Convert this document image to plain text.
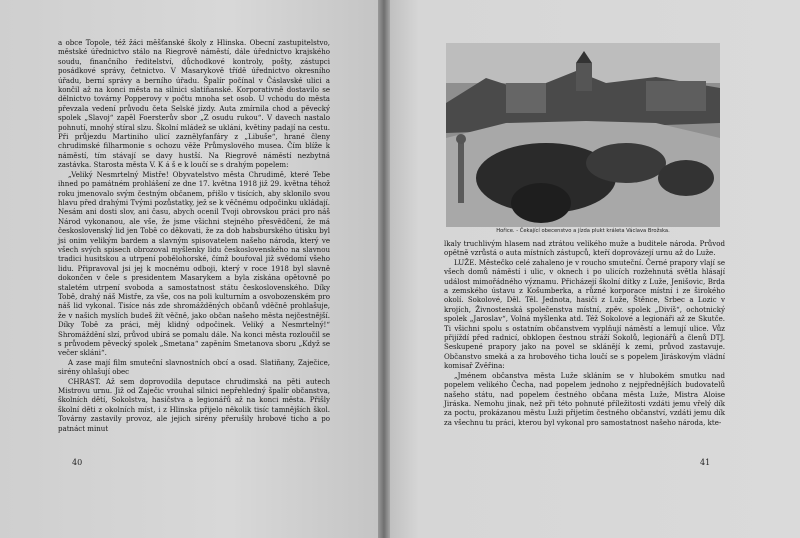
a obce Topole, též žáci měšťanské školy z Hlinska. Obecní zastupitelstvo, městské úřednictvo stálo na Riegrově náměstí, dále úřednictvo krajského soudu, finančního ředitelství, důchodkové kontroly, pošty, zástupci posádkové správy, četnictvo. V Masarykově třídě úřednictvo okresního úřadu, berní správy a berního úřadu. Špalír počínal v Čáslavské ulici a končil až na konci města na silnici slatiňanské. Korporativně dostavilo se dělnictvo továrny Popperovy v počtu mnoha set osob. U vchodu do města převzala vedení průvodu četa Selské jízdy. Auta zmírnila chod a pěvecký spolek „Slavoj“ zapěl Foersterův sbor „Z osudu rukou“. V davech nastalo pohnutí, mnohý stíral slzu. Školní mládež se ukláni, květiny padají na cestu. Při průjezdu Martiniho ulicí zaznělyfanfáry z „Libuše“, hrané členy chrudimské filharmonie s ochozu věže Průmyslového musea. Čím blíže k náměstí, tím stávají se davy hustší. Na Riegrově náměstí nezbytná zastávka. Starosta města V. K á š e k loučí se s drahým popelem:

„Veliký Nesmrtelný Mistře! Obyvatelstvo města Chrudimě, které Tebe ihned po památném prohlášení ze dne 17. května 1918 již 29. května téhož roku jmenovalo svým čestným občanem, přišlo v tisících, aby sklonilo svou hlavu před drahými Tvými pozůstatky, jež se k věčnému odpočinku ukládají. Nesám ani dosti slov, ani času, abych ocenil Tvoji obrovskou práci pro náš Národ vykonanou, ale vše, že jsme všichni stejného přesvědčení, že má československý lid jen Tobě co děkovati, že za dob habsburského útisku byl jsi onim velikým bardem a slavným spisovatelem našeho národa, který ve všech svých spisech obrozoval myšlenky lidu československého na slavnou tradici husitskou a utrpení pobělohorské, čímž bouřoval již svědomí všeho lidu. Připravoval jsi jej k mocnému odboji, který v roce 1918 byl slavně dokončen v čele s presidentem Masarykem a byla získána opětovně po staletém utrpení svoboda a samostatnost státu československého. Díky Tobě, drahý náš Mistře, za vše, cos na poli kulturním a osvobozenském pro náš lid vykonal. Tisíce nás zde shromážděných občanů vděčně prohlašuje, že v našich myslích budeš žít věčně, jako občan našeho města nejčestnější. Díky Tobě za práci, měj klidný odpočinek. Veliký a Nesmrtelný!“ Shromáždění slzí, průvod ubírá se pomalu dále. Na konci města rozloučil se s průvodem pěvecký spolek „Smetana“ zapěním Smetanova sboru „Když se večer skláni“.

A zase mají film smuteční slavnostních obcí a osad. Slatiňany, Zaječice, sirény ohlašují obec

CHRAST. Až sem doprovodila deputace chrudimská na pěti autech Mistrovu urnu. Již od Zaječic vrouhal silnici nepřehledný špalír občanstva, školních dětí, Sokolstva, hasičstva a legionářů až na konci města. Přišly školní děti z okolních míst, i z Hlinska přijelo několik tisíc tamnějších škol. Továrny zastavily provoz, ale jejich sirény přerušily hrobové ticho a po patnáct minut

40
Hořice. - Čekající obecenstvo a jízda plukt králeta Václava Brožska.

lkaly truchlivým hlasem nad ztrátou velikého muže a buditele národa. Průvod opětně vzrůstá o auta místních zástupců, kteří doprovázejí urnu až do Luže.

LUŽE. Městečko celé zahaleno je v roucho smuteční. Černé prapory vlají se všech domů náměstí i ulic, v oknech i po ulicích rozžehnutá světla hlásají událost mimořádného významu. Přicházejí školní dítky z Luže, Jenišovic, Brda a zemského ústavu z Košumberka, a různé korporace místní i ze širokého okolí. Sokolové, Děl. Těl. Jednota, hasiči z Luže, Štěnce, Srbec a Lozic v krojích, Živnostenská společenstva místní, zpěv. spolek „Divíš“, ochotnický spolek „Jaroslav“, Volná myšlenka atd. Též Sokolové a legionáři až ze Skutče. Ti všichni spolu s ostatním občanstvem vyplňují náměstí a lemují ulice. Vůz přijíždí před radnicí, obklopen čestnou stráží Sokolů, legionářů a členů DTJ. Seskupené prapory jako na povel se sklánějí k zemi, průvod zastavuje. Občanstvo smeká a za hrobového ticha loučí se s popelem Jiráskovým vládní komisař Zvěřina:

„Jménem občanstva města Luže skláním se v hlubokém smutku nad popelem velikého Čecha, nad popelem jednoho z nejpřednějších budovatelů našeho státu, nad popelem čestného občana města Luže, Mistra Aloise Jiráska. Nemohu jinak, než při této pohnuté příležitosti vzdáti jemu vřelý dík za poctu, prokázanou městu Luži přijetím čestného občanství, vzdáti jemu dík za všechnu tu práci, kterou byl vykonal pro samostatnost našeho národa, kte-

41
